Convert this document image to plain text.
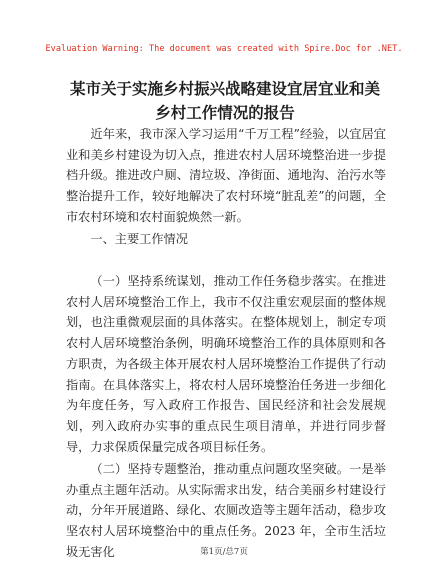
Evaluation Warning: The document was created with Spire.Doc for .NET.
某市关于实施乡村振兴战略建设宜居宜业和美乡村工作情况的报告

近年来，我市深入学习运用“千万工程”经验，以宜居宜业和美乡村建设为切入点，推进农村人居环境整治进一步提档升级。推进改户厕、清垃圾、净街面、通地沟、治污水等整治提升工作，较好地解决了农村环境“脏乱差”的问题，全市农村环境和农村面貌焕然一新。

一、主要工作情况

（一）坚持系统谋划，推动工作任务稳步落实。在推进农村人居环境整治工作上，我市不仅注重宏观层面的整体规划，也注重微观层面的具体落实。在整体规划上，制定专项农村人居环境整治条例，明确环境整治工作的具体原则和各方职责，为各级主体开展农村人居环境整治工作提供了行动指南。在具体落实上，将农村人居环境整治任务进一步细化为年度任务，写入政府工作报告、国民经济和社会发展规划，列入政府办实事的重点民生项目清单，并进行同步督导，力求保质保量完成各项目标任务。

（二）坚持专题整治，推动重点问题攻坚突破。一是举办重点主题年活动。从实际需求出发，结合美丽乡村建设行动，分年开展道路、绿化、农厕改造等主题年活动，稳步攻坚农村人居环境整治中的重点任务。2023 年，全市生活垃圾无害化	第1页/总7页
